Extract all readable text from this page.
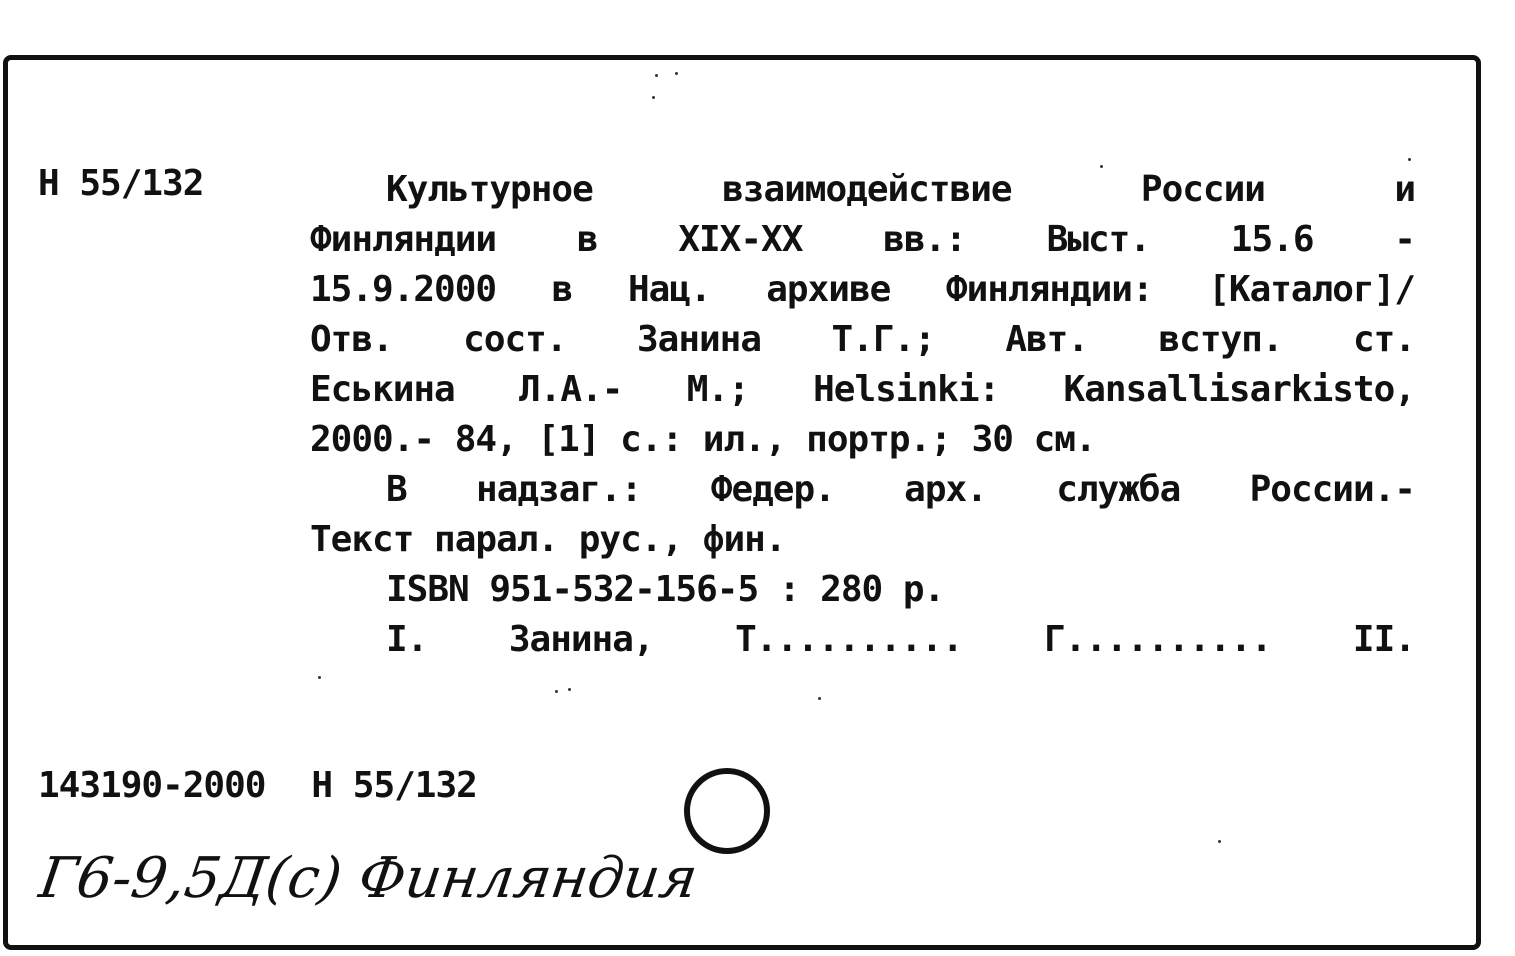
Н 55/132	Культурное	взаимодействие	России	и
Финляндии в XIX-XX вв.: Выст. 15.6 -
15.9.2000 в Нац. архиве Финляндии: [Каталог]/
Отв. сост. Занина Т.Г.; Авт. вступ. ст.
Еськина Л.А.- М.; Helsinki: Kansallisarkisto,
2000.- 84, [1] с.: ил., портр.; 30 см.
В надзаг.: Федер. арх. служба России.-
Текст парал. рус., фин.
ISBN 951-532-156-5 : 280 р.
I. Занина, Т.......... Г.......... II.
143190-2000 Н 55/132
Г6-9,5Д(с) Финляндия
